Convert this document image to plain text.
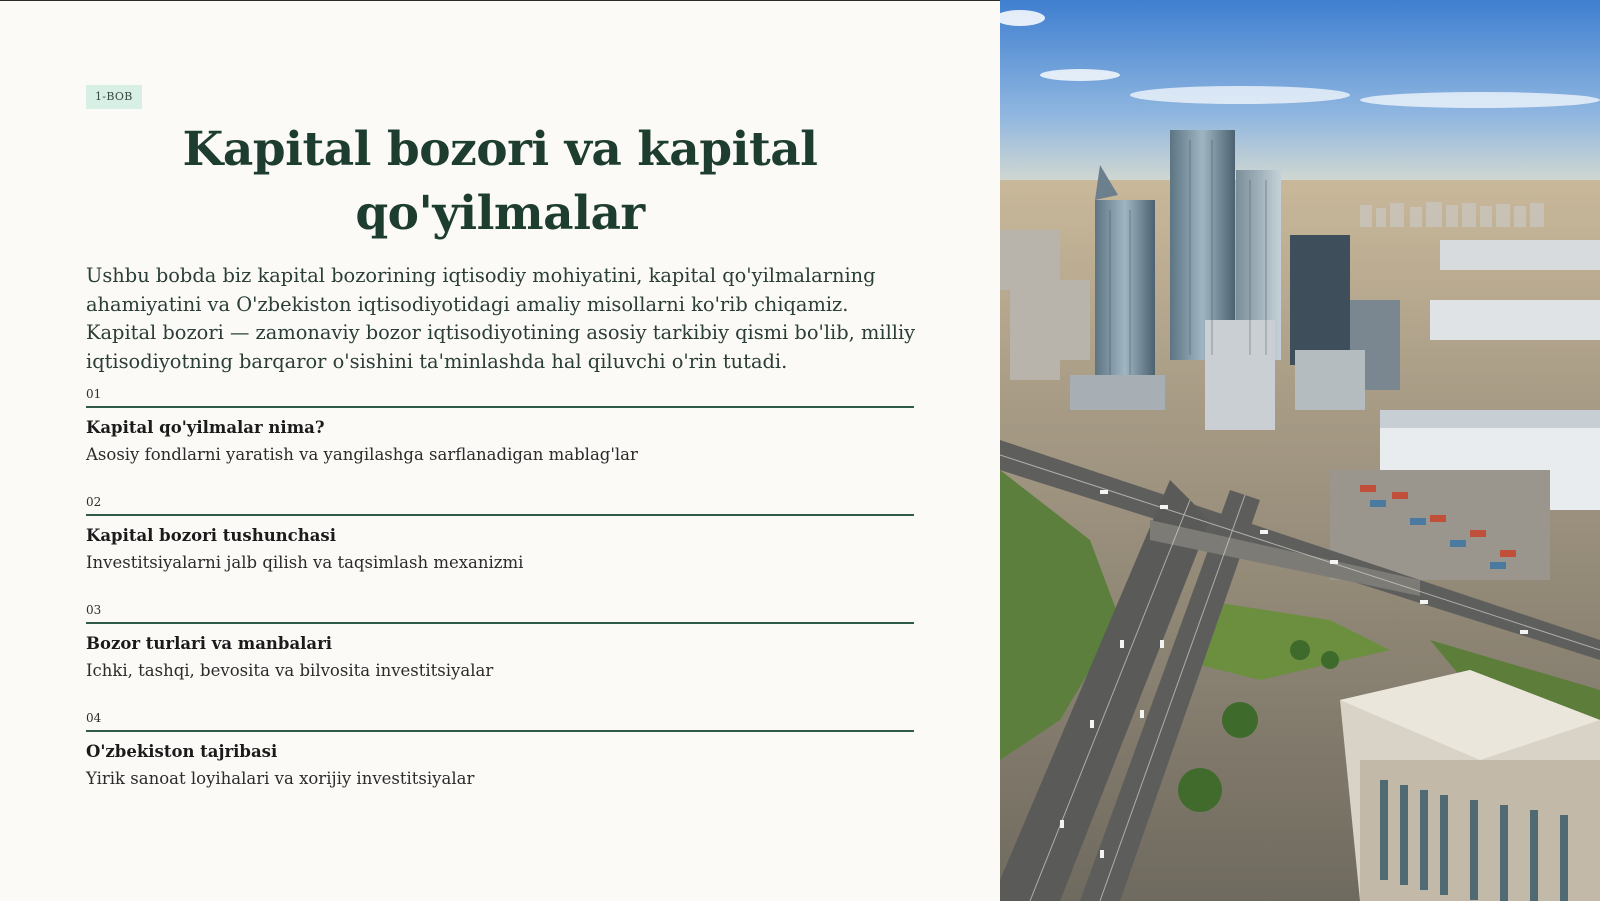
1-BOB
Kapital bozori va kapital
qo'yilmalar

Ushbu bobda biz kapital bozorining iqtisodiy mohiyatini, kapital qo'yilmalarning ahamiyatini va O'zbekiston iqtisodiyotidagi amaliy misollarni ko'rib chiqamiz. Kapital bozori — zamonaviy bozor iqtisodiyotining asosiy tarkibiy qismi bo'lib, milliy iqtisodiyotning barqaror o'sishini ta'minlashda hal qiluvchi o'rin tutadi.

01
Kapital qo'yilmalar nima?
Asosiy fondlarni yaratish va yangilashga sarflanadigan mablag'lar
02
Kapital bozori tushunchasi
Investitsiyalarni jalb qilish va taqsimlash mexanizmi
03
Bozor turlari va manbalari
Ichki, tashqi, bevosita va bilvosita investitsiyalar
04
O'zbekiston tajribasi
Yirik sanoat loyihalari va xorijiy investitsiyalar
